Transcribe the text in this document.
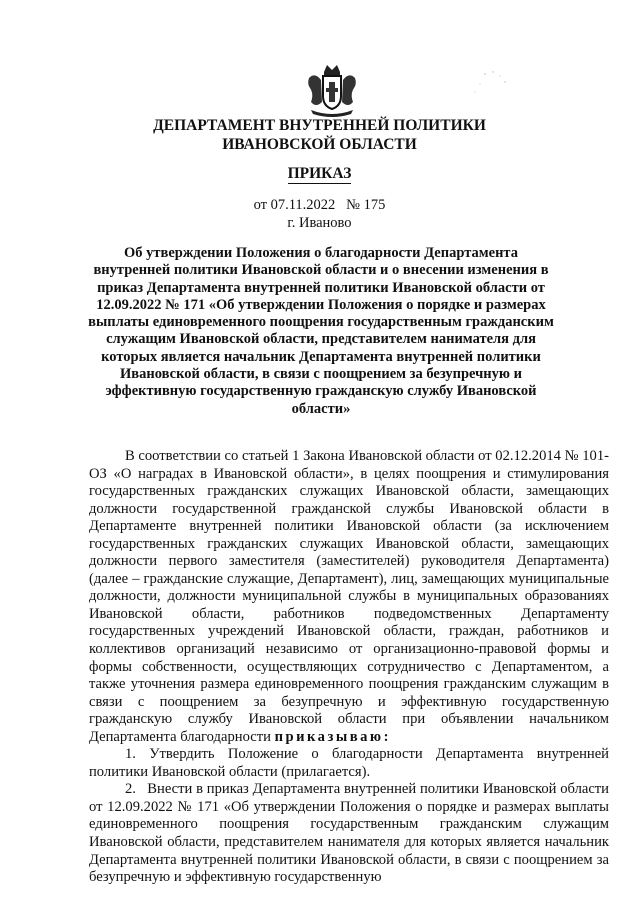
ДЕПАРТАМЕНТ ВНУТРЕННЕЙ ПОЛИТИКИ
ИВАНОВСКОЙ ОБЛАСТИ
ПРИКАЗ
от 07.11.2022   № 175
г. Иваново
Об утверждении Положения о благодарности Департамента внутренней политики Ивановской области и о внесении изменения в приказ Департамента внутренней политики Ивановской области от 12.09.2022 № 171 «Об утверждении Положения о порядке и размерах выплаты единовременного поощрения государственным гражданским служащим Ивановской области, представителем нанимателя для которых является начальник Департамента внутренней политики Ивановской области, в связи с поощрением за безупречную и эффективную государственную гражданскую службу Ивановской области»

В соответствии со статьей 1 Закона Ивановской области от 02.12.2014 № 101-ОЗ «О наградах в Ивановской области», в целях поощрения и стимулирования государственных гражданских служащих Ивановской области, замещающих должности государственной гражданской службы Ивановской области в Департаменте внутренней политики Ивановской области (за исключением государственных гражданских служащих Ивановской области, замещающих должности первого заместителя (заместителей) руководителя Департамента) (далее – гражданские служащие, Департамент), лиц, замещающих муниципальные должности, должности муниципальной службы в муниципальных образованиях Ивановской области, работников подведомственных Департаменту государственных учреждений Ивановской области, граждан, работников и коллективов организаций независимо от организационно-правовой формы и формы собственности, осуществляющих сотрудничество с Департаментом, а также уточнения размера единовременного поощрения гражданским служащим в связи с поощрением за безупречную и эффективную государственную гражданскую службу Ивановской области при объявлении начальником Департамента благодарности приказываю:

1. Утвердить Положение о благодарности Департамента внутренней политики Ивановской области (прилагается).

2.   Внести в приказ Департамента внутренней политики Ивановской области от 12.09.2022 № 171 «Об утверждении Положения о порядке и размерах выплаты единовременного поощрения государственным гражданским служащим Ивановской области, представителем нанимателя для которых является начальник Департамента внутренней политики Ивановской области, в связи с поощрением за безупречную и эффективную государственную
